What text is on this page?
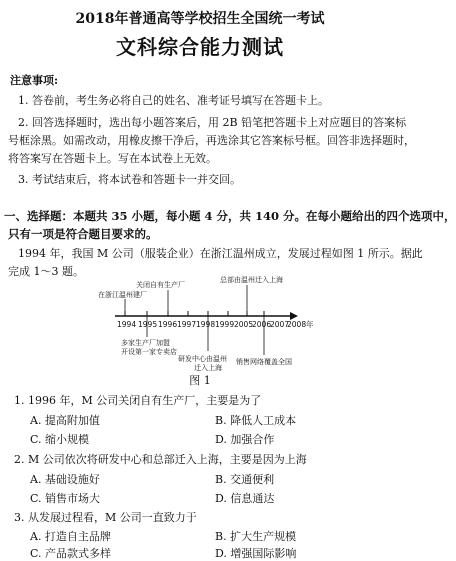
2018年普通高等学校招生全国统一考试
文科综合能力测试
注意事项:
1. 答卷前，考生务必将自己的姓名、准考证号填写在答题卡上。
2. 回答选择题时，选出每小题答案后，用 2B 铅笔把答题卡上对应题目的答案标
号框涂黑。如需改动，用橡皮擦干净后，再选涂其它答案标号框。回答非选择题时，
将答案写在答题卡上。写在本试卷上无效。
3. 考试结束后，将本试卷和答题卡一并交回。
一、选择题：本题共 35 小题，每小题 4 分，共 140 分。在每小题给出的四个选项中，
只有一项是符合题目要求的。
1994 年，我国 M 公司（服装企业）在浙江温州成立，发展过程如图 1 所示。据此
完成 1～3 题。
1994 1995 1996 1997 1998 1999 2005
2006
2007
2008 年
在浙江温州建厂
关闭自有生产厂
总部由温州迁入上海
多家生产厂加盟
开设第一家专卖店
研发中心由温州
迁入上海
销售网络覆盖全国
图 1
1. 1996 年，M 公司关闭自有生产厂，主要是为了
A. 提高附加值	B. 降低人工成本
C. 缩小规模	D. 加强合作
2. M 公司依次将研发中心和总部迁入上海，主要是因为上海
A. 基础设施好	B. 交通便利
C. 销售市场大	D. 信息通达
3. 从发展过程看，M 公司一直致力于
A. 打造自主品牌	B. 扩大生产规模
C. 产品款式多样	D. 增强国际影响
